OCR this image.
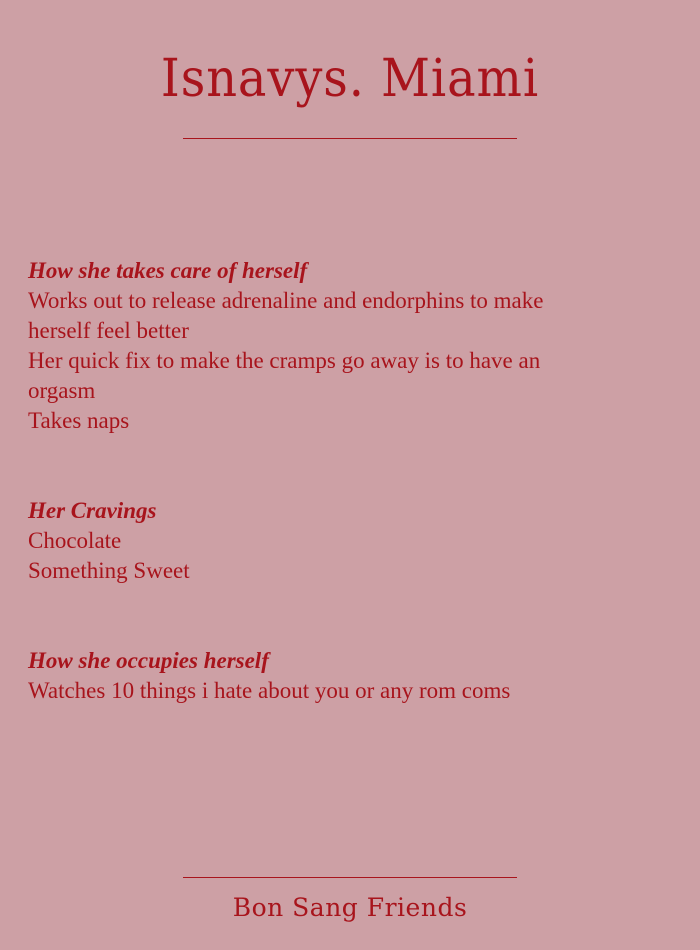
Isnavys. Miami

How she takes care of herself

Works out to release adrenaline and endorphins to make

herself feel better

Her quick fix to make the cramps go away is to have an

orgasm

Takes naps

Her Cravings

Chocolate

Something Sweet

How she occupies herself

Watches 10 things i hate about you or any rom coms

Bon Sang Friends
